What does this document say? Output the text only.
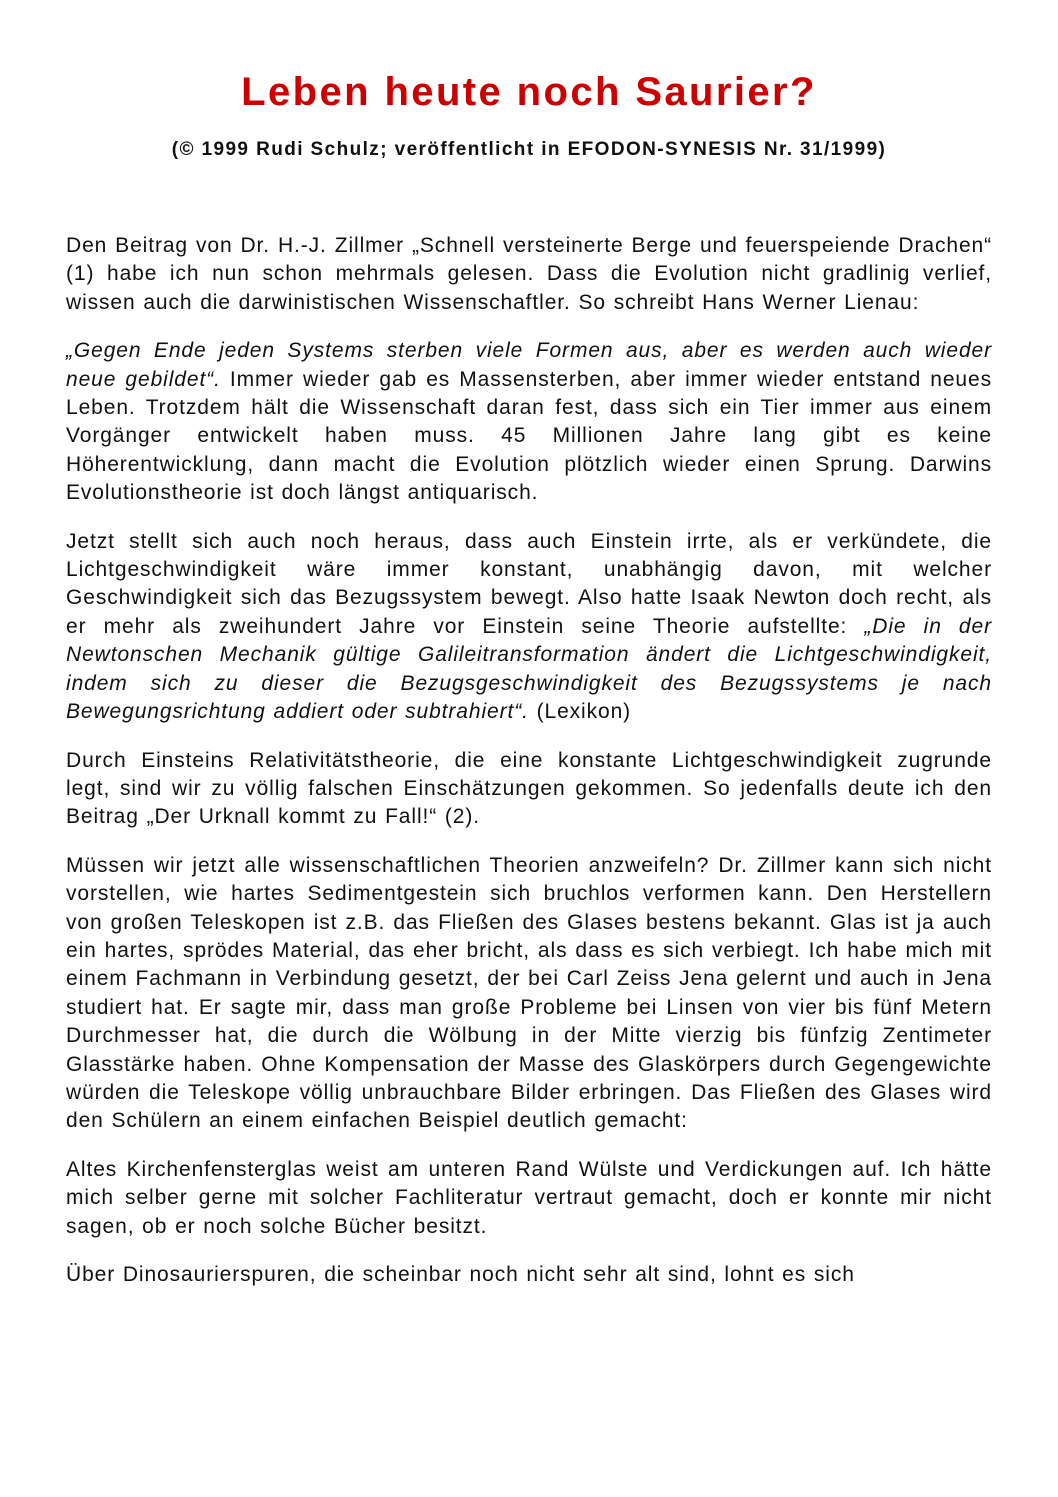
Leben heute noch Saurier?
(© 1999 Rudi Schulz; veröffentlicht in EFODON-SYNESIS Nr. 31/1999)

Den Beitrag von Dr. H.-J. Zillmer „Schnell versteinerte Berge und feuerspeiende Drachen“ (1) habe ich nun schon mehrmals gelesen. Dass die Evolution nicht gradlinig verlief, wissen auch die darwinistischen Wissenschaftler. So schreibt Hans Werner Lienau:

„Gegen Ende jeden Systems sterben viele Formen aus, aber es werden auch wieder neue gebildet“. Immer wieder gab es Massensterben, aber immer wieder entstand neues Leben. Trotzdem hält die Wissenschaft daran fest, dass sich ein Tier immer aus einem Vorgänger entwickelt haben muss. 45 Millionen Jahre lang gibt es keine Höherentwicklung, dann macht die Evolution plötzlich wieder einen Sprung. Darwins Evolutionstheorie ist doch längst antiquarisch.

Jetzt stellt sich auch noch heraus, dass auch Einstein irrte, als er verkündete, die Lichtgeschwindigkeit wäre immer konstant, unabhängig davon, mit welcher Geschwindigkeit sich das Bezugssystem bewegt. Also hatte Isaak Newton doch recht, als er mehr als zweihundert Jahre vor Einstein seine Theorie aufstellte: „Die in der Newtonschen Mechanik gültige Galileitransformation ändert die Lichtgeschwindigkeit, indem sich zu dieser die Bezugsgeschwindigkeit des Bezugssystems je nach Bewegungsrichtung addiert oder subtrahiert“. (Lexikon)

Durch Einsteins Relativitätstheorie, die eine konstante Lichtgeschwindigkeit zugrunde legt, sind wir zu völlig falschen Einschätzungen gekommen. So jedenfalls deute ich den Beitrag „Der Urknall kommt zu Fall!“ (2).

Müssen wir jetzt alle wissenschaftlichen Theorien anzweifeln? Dr. Zillmer kann sich nicht vorstellen, wie hartes Sedimentgestein sich bruchlos verformen kann. Den Herstellern von großen Teleskopen ist z.B. das Fließen des Glases bestens bekannt. Glas ist ja auch ein hartes, sprödes Material, das eher bricht, als dass es sich verbiegt. Ich habe mich mit einem Fachmann in Verbindung gesetzt, der bei Carl Zeiss Jena gelernt und auch in Jena studiert hat. Er sagte mir, dass man große Probleme bei Linsen von vier bis fünf Metern Durchmesser hat, die durch die Wölbung in der Mitte vierzig bis fünfzig Zentimeter Glasstärke haben. Ohne Kompensation der Masse des Glaskörpers durch Gegengewichte würden die Teleskope völlig unbrauchbare Bilder erbringen. Das Fließen des Glases wird den Schülern an einem einfachen Beispiel deutlich gemacht:

Altes Kirchenfensterglas weist am unteren Rand Wülste und Verdickungen auf. Ich hätte mich selber gerne mit solcher Fachliteratur vertraut gemacht, doch er konnte mir nicht sagen, ob er noch solche Bücher besitzt.

Über Dinosaurierspuren, die scheinbar noch nicht sehr alt sind, lohnt es sich
